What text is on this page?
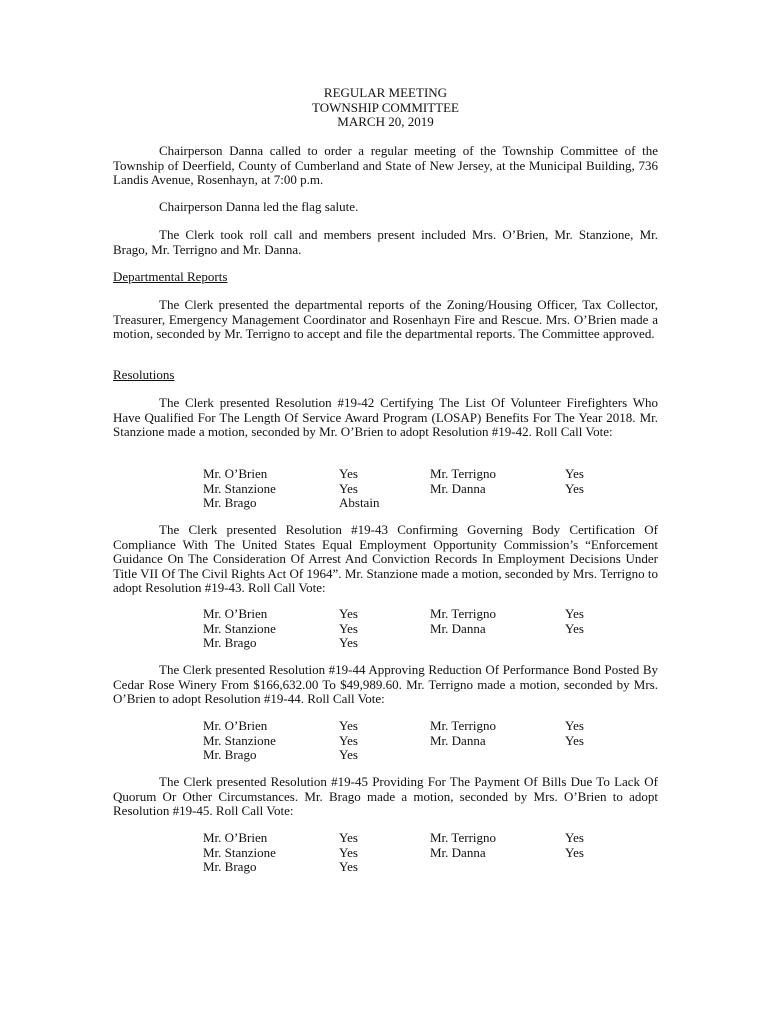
REGULAR MEETING
TOWNSHIP COMMITTEE
MARCH 20, 2019

Chairperson Danna called to order a regular meeting of the Township Committee of the Township of Deerfield, County of Cumberland and State of New Jersey, at the Municipal Building, 736 Landis Avenue, Rosenhayn, at 7:00 p.m.

Chairperson Danna led the flag salute.

The Clerk took roll call and members present included Mrs. O’Brien, Mr. Stanzione, Mr. Brago, Mr. Terrigno and Mr. Danna.

Departmental Reports

The Clerk presented the departmental reports of the Zoning/Housing Officer, Tax Collector, Treasurer, Emergency Management Coordinator and Rosenhayn Fire and Rescue. Mrs. O’Brien made a motion, seconded by Mr. Terrigno to accept and file the departmental reports. The Committee approved.

Resolutions

The Clerk presented Resolution #19-42 Certifying The List Of Volunteer Firefighters Who Have Qualified For The Length Of Service Award Program (LOSAP) Benefits For The Year 2018. Mr. Stanzione made a motion, seconded by Mr. O’Brien to adopt Resolution #19-42. Roll Call Vote:

Mr. O’Brien	Yes	Mr. Terrigno	Yes
Mr. Stanzione	Yes	Mr. Danna	Yes
Mr. Brago	Abstain

The Clerk presented Resolution #19-43 Confirming Governing Body Certification Of Compliance With The United States Equal Employment Opportunity Commission’s “Enforcement Guidance On The Consideration Of Arrest And Conviction Records In Employment Decisions Under Title VII Of The Civil Rights Act Of 1964”. Mr. Stanzione made a motion, seconded by Mrs. Terrigno to adopt Resolution #19-43. Roll Call Vote:

Mr. O’Brien	Yes	Mr. Terrigno	Yes
Mr. Stanzione	Yes	Mr. Danna	Yes
Mr. Brago	Yes

The Clerk presented Resolution #19-44 Approving Reduction Of Performance Bond Posted By Cedar Rose Winery From $166,632.00 To $49,989.60. Mr. Terrigno made a motion, seconded by Mrs. O’Brien to adopt Resolution #19-44. Roll Call Vote:

Mr. O’Brien	Yes	Mr. Terrigno	Yes
Mr. Stanzione	Yes	Mr. Danna	Yes
Mr. Brago	Yes

The Clerk presented Resolution #19-45 Providing For The Payment Of Bills Due To Lack Of Quorum Or Other Circumstances. Mr. Brago made a motion, seconded by Mrs. O’Brien to adopt Resolution #19-45. Roll Call Vote:

Mr. O’Brien	Yes	Mr. Terrigno	Yes
Mr. Stanzione	Yes	Mr. Danna	Yes
Mr. Brago	Yes
